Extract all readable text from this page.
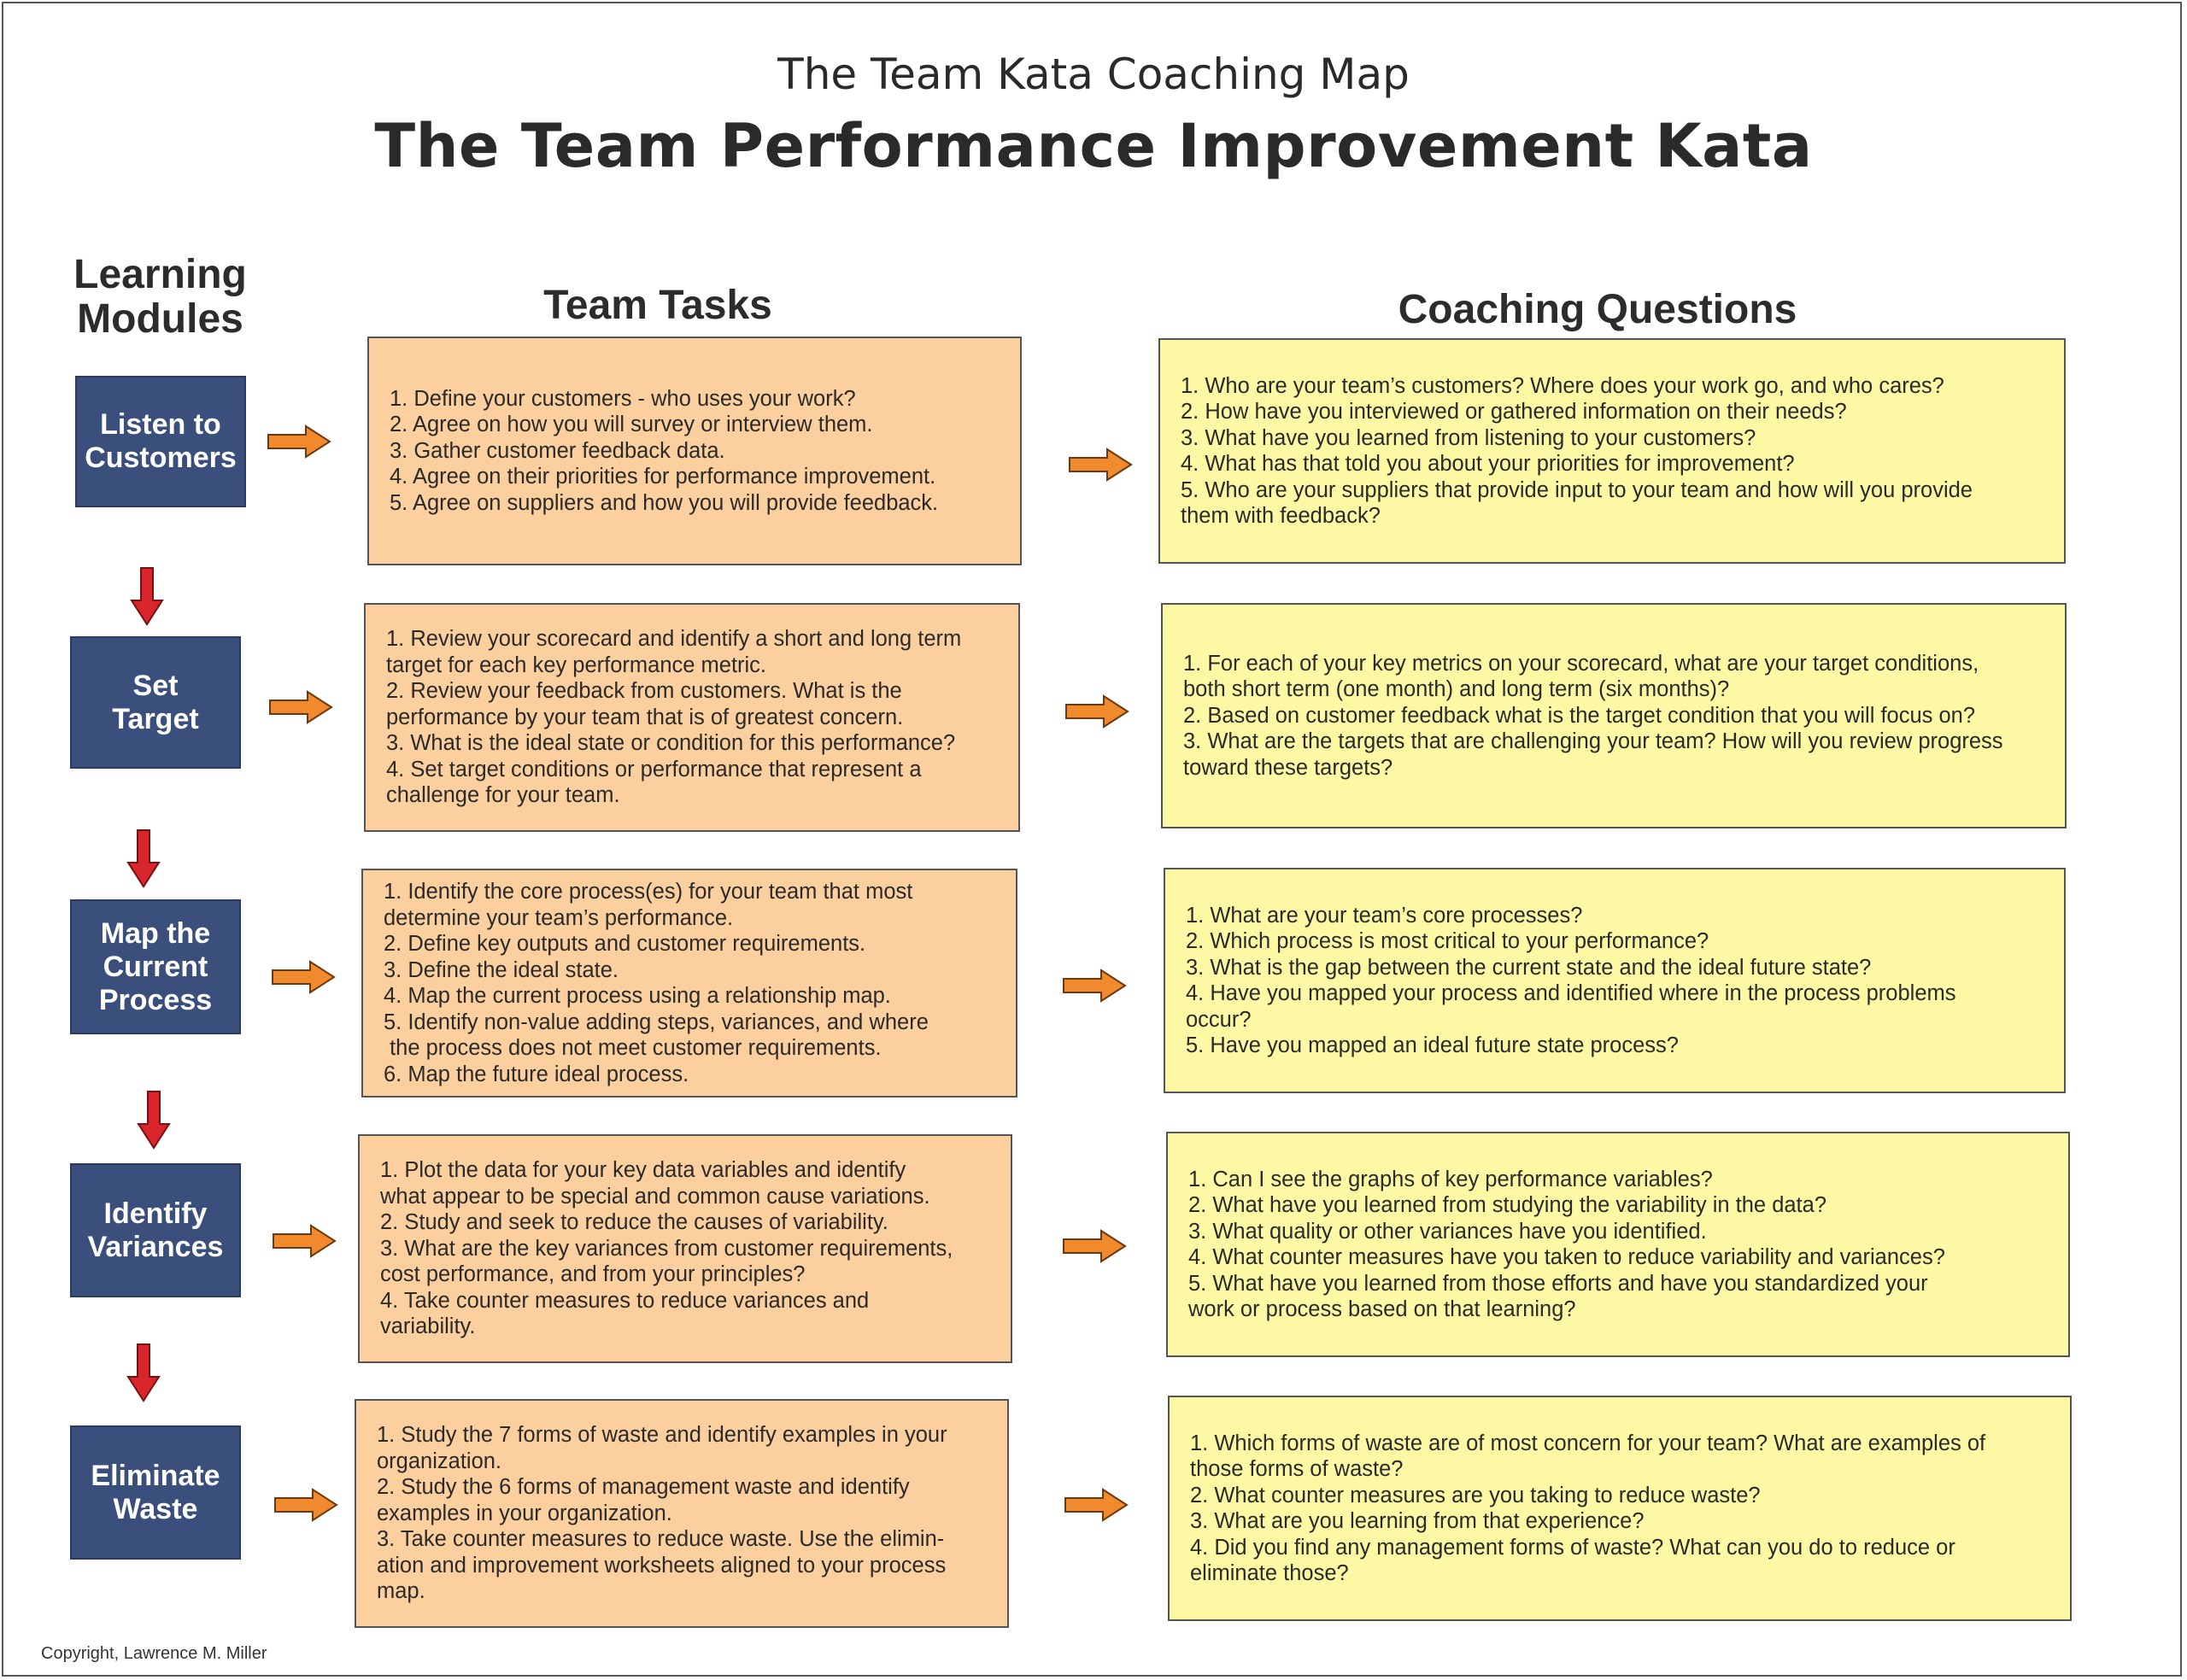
The Team Kata Coaching Map
The Team Performance Improvement Kata
Learning
Modules	Team Tasks	Coaching Questions
Listen to
Customers
1. Define your customers - who uses your work?
2. Agree on how you will survey or interview them.
3. Gather customer feedback data.
4. Agree on their priorities for performance improvement.
5. Agree on suppliers and how you will provide feedback.
1. Who are your team’s customers? Where does your work go, and who cares?
2. How have you interviewed or gathered information on their needs?
3. What have you learned from listening to your customers?
4. What has that told you about your priorities for improvement?
5. Who are your suppliers that provide input to your team and how will you provide
them with feedback?
Set
Target
1. Review your scorecard and identify a short and long term
target for each key performance metric.
2. Review your feedback from customers. What is the
performance by your team that is of greatest concern.
3. What is the ideal state or condition for this performance?
4. Set target conditions or performance that represent a
challenge for your team.
1. For each of your key metrics on your scorecard, what are your target conditions,
both short term (one month) and long term (six months)?
2. Based on customer feedback what is the target condition that you will focus on?
3. What are the targets that are challenging your team? How will you review progress
toward these targets?
Map the
Current
Process
1. Identify the core process(es) for your team that most
determine your team’s performance.
2. Define key outputs and customer requirements.
3. Define the ideal state.
4. Map the current process using a relationship map.
5. Identify non-value adding steps, variances, and where
the process does not meet customer requirements.
6. Map the future ideal process.
1. What are your team’s core processes?
2. Which process is most critical to your performance?
3. What is the gap between the current state and the ideal future state?
4. Have you mapped your process and identified where in the process problems
occur?
5. Have you mapped an ideal future state process?
Identify
Variances
1. Plot the data for your key data variables and identify
what appear to be special and common cause variations.
2. Study and seek to reduce the causes of variability.
3. What are the key variances from customer requirements,
cost performance, and from your principles?
4. Take counter measures to reduce variances and
variability.
1. Can I see the graphs of key performance variables?
2. What have you learned from studying the variability in the data?
3. What quality or other variances have you identified.
4. What counter measures have you taken to reduce variability and variances?
5. What have you learned from those efforts and have you standardized your
work or process based on that learning?
Eliminate
Waste
1. Study the 7 forms of waste and identify examples in your
organization.
2. Study the 6 forms of management waste and identify
examples in your organization.
3. Take counter measures to reduce waste. Use the elimin-
ation and improvement worksheets aligned to your process
map.
1. Which forms of waste are of most concern for your team? What are examples of
those forms of waste?
2. What counter measures are you taking to reduce waste?
3. What are you learning from that experience?
4. Did you find any management forms of waste? What can you do to reduce or
eliminate those?
Copyright, Lawrence M. Miller
